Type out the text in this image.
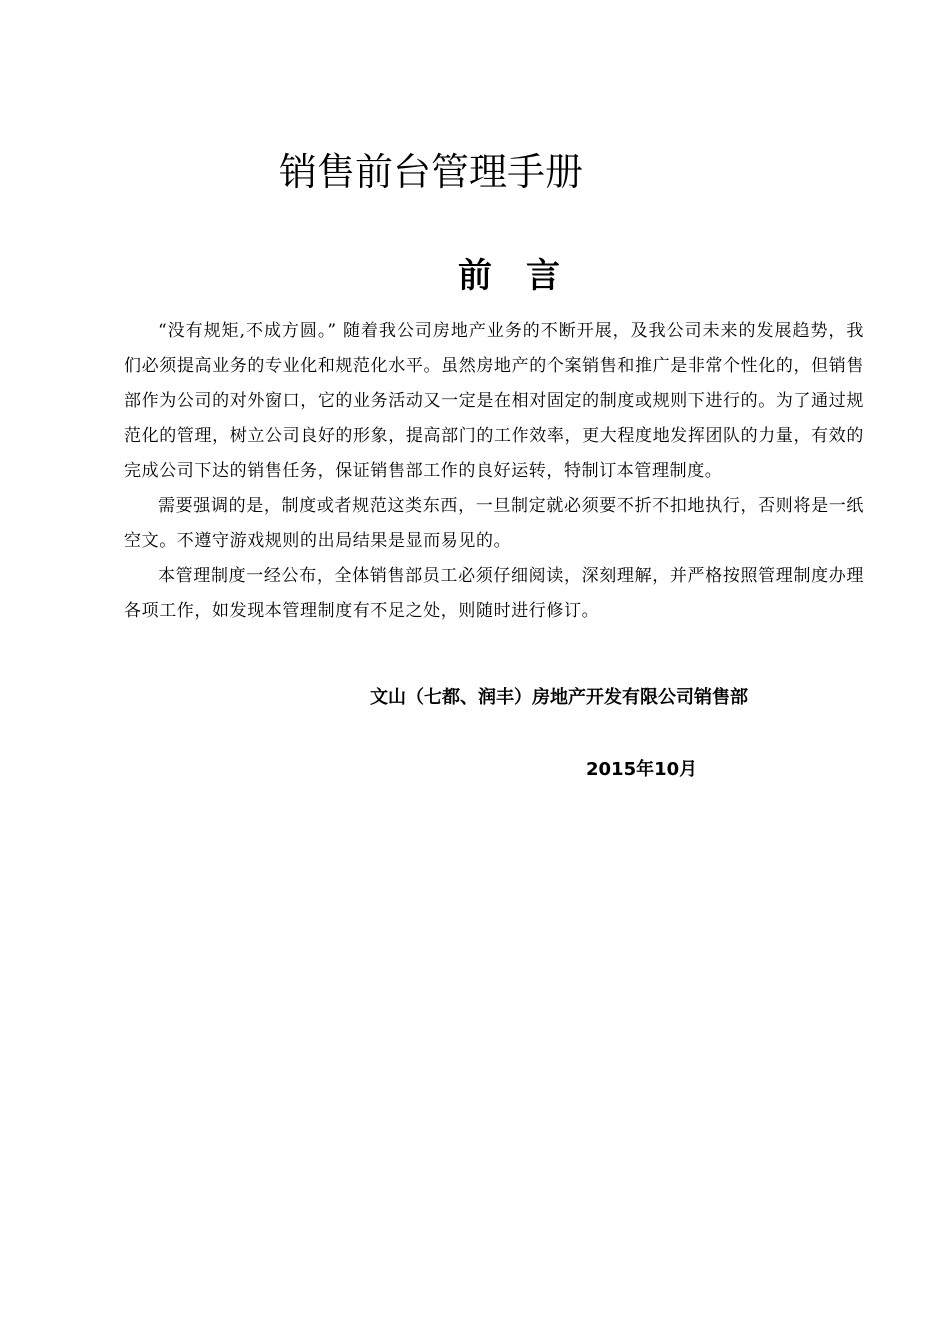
销售前台管理手册
前言

“没有规矩,不成方圆。” 随着我公司房地产业务的不断开展，及我公司未来的发展趋势，我们必须提高业务的专业化和规范化水平。虽然房地产的个案销售和推广是非常个性化的，但销售部作为公司的对外窗口，它的业务活动又一定是在相对固定的制度或规则下进行的。为了通过规范化的管理，树立公司良好的形象，提高部门的工作效率，更大程度地发挥团队的力量，有效的完成公司下达的销售任务，保证销售部工作的良好运转，特制订本管理制度。

需要强调的是，制度或者规范这类东西，一旦制定就必须要不折不扣地执行，否则将是一纸空文。不遵守游戏规则的出局结果是显而易见的。

本管理制度一经公布，全体销售部员工必须仔细阅读，深刻理解，并严格按照管理制度办理各项工作，如发现本管理制度有不足之处，则随时进行修订。

文山（七都、润丰）房地产开发有限公司销售部
2015年10月
